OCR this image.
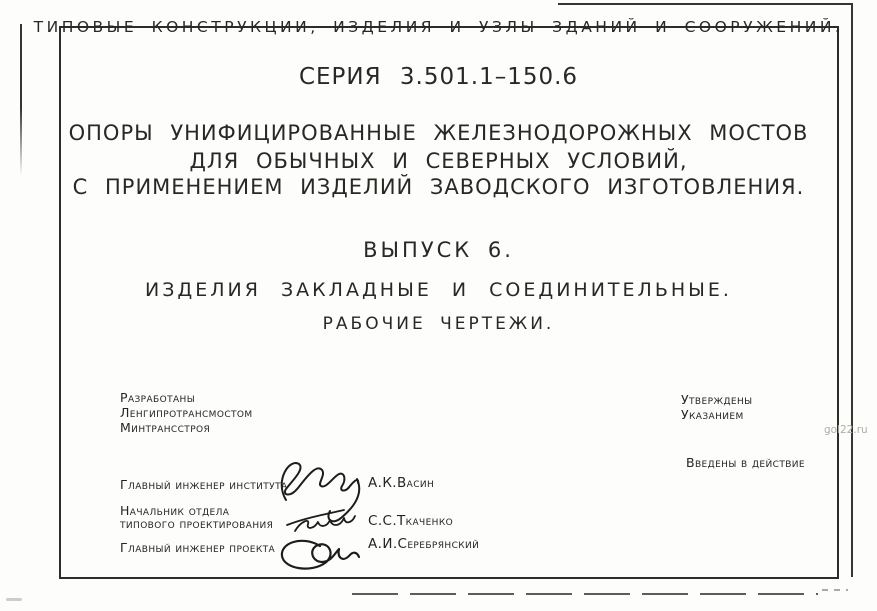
ТИПОВЫЕ КОНСТРУКЦИИ, ИЗДЕЛИЯ И УЗЛЫ ЗДАНИЙ И СООРУЖЕНИЙ.
СЕРИЯ 3.501.1–150.6
ОПОРЫ УНИФИЦИРОВАННЫЕ ЖЕЛЕЗНОДОРОЖНЫХ МОСТОВ
ДЛЯ ОБЫЧНЫХ И СЕВЕРНЫХ УСЛОВИЙ,
С ПРИМЕНЕНИЕМ ИЗДЕЛИЙ ЗАВОДСКОГО ИЗГОТОВЛЕНИЯ.
ВЫПУСК 6.
ИЗДЕЛИЯ ЗАКЛАДНЫЕ И СОЕДИНИТЕЛЬНЫЕ.
РАБОЧИЕ ЧЕРТЕЖИ.
Разработаны
Ленгипротрансмостом
Минтрансстроя
Утверждены
Указанием
Введены в действие
Главный инженер института
Начальник отдела
типового проектирования
Главный инженер проекта
А.К.Васин
С.С.Ткаченко
А.И.Серебрянский
gol22.ru
